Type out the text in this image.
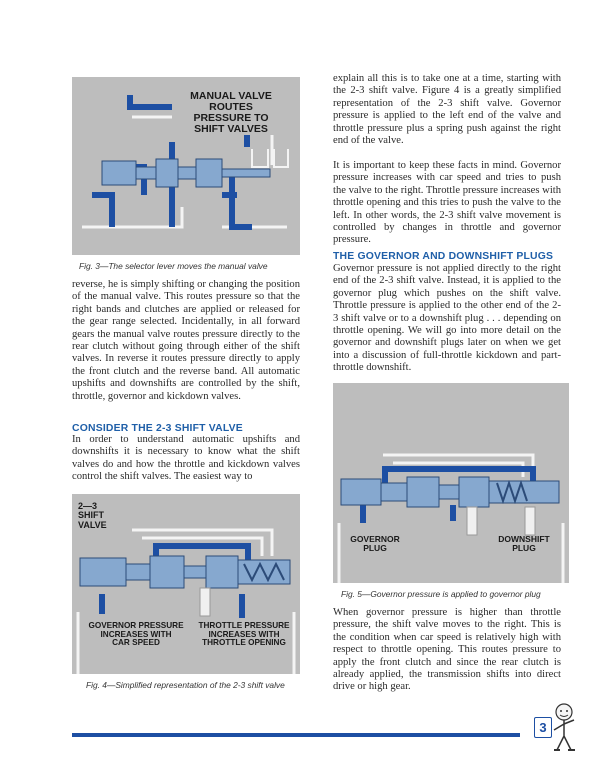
MANUAL VALVE ROUTES
PRESSURE TO
SHIFT VALVES
Fig. 3—The selector lever moves the manual valve

reverse, he is simply shifting or changing the position of the manual valve. This routes pressure so that the right bands and clutches are applied or released for the gear range selected. Incidentally, in all forward gears the manual valve routes pressure directly to the rear clutch without going through either of the shift valves. In reverse it routes pressure directly to apply the front clutch and the reverse band. All automatic upshifts and downshifts are controlled by the shift, throttle, governor and kickdown valves.

CONSIDER THE 2-3 SHIFT VALVE

In order to understand automatic upshifts and downshifts it is necessary to know what the shift valves do and how the throttle and kickdown valves control the shift valves. The easiest way to

2—3
SHIFT
VALVE
GOVERNOR PRESSURE
INCREASES WITH
CAR SPEED
THROTTLE PRESSURE
INCREASES WITH
THROTTLE OPENING
Fig. 4—Simplified representation of the 2-3 shift valve

explain all this is to take one at a time, starting with the 2-3 shift valve. Figure 4 is a greatly simplified representation of the 2-3 shift valve. Governor pressure is applied to the left end of the valve and throttle pressure plus a spring push against the right end of the valve.

It is important to keep these facts in mind. Governor pressure increases with car speed and tries to push the valve to the right. Throttle pressure increases with throttle opening and this tries to push the valve to the left. In other words, the 2-3 shift valve movement is controlled by changes in throttle and governor pressure.

THE GOVERNOR AND DOWNSHIFT PLUGS

Governor pressure is not applied directly to the right end of the 2-3 shift valve. Instead, it is applied to the governor plug which pushes on the shift valve. Throttle pressure is applied to the other end of the 2-3 shift valve or to a downshift plug . . . depending on throttle opening. We will go into more detail on the governor and downshift plugs later on when we get into a discussion of full-throttle kickdown and part-throttle downshift.

GOVERNOR
PLUG
DOWNSHIFT
PLUG
Fig. 5—Governor pressure is applied to governor plug

When governor pressure is higher than throttle pressure, the shift valve moves to the right. This is the condition when car speed is relatively high with respect to throttle opening. This routes pressure to apply the front clutch and since the rear clutch is already applied, the transmission shifts into direct drive or high gear.

3
